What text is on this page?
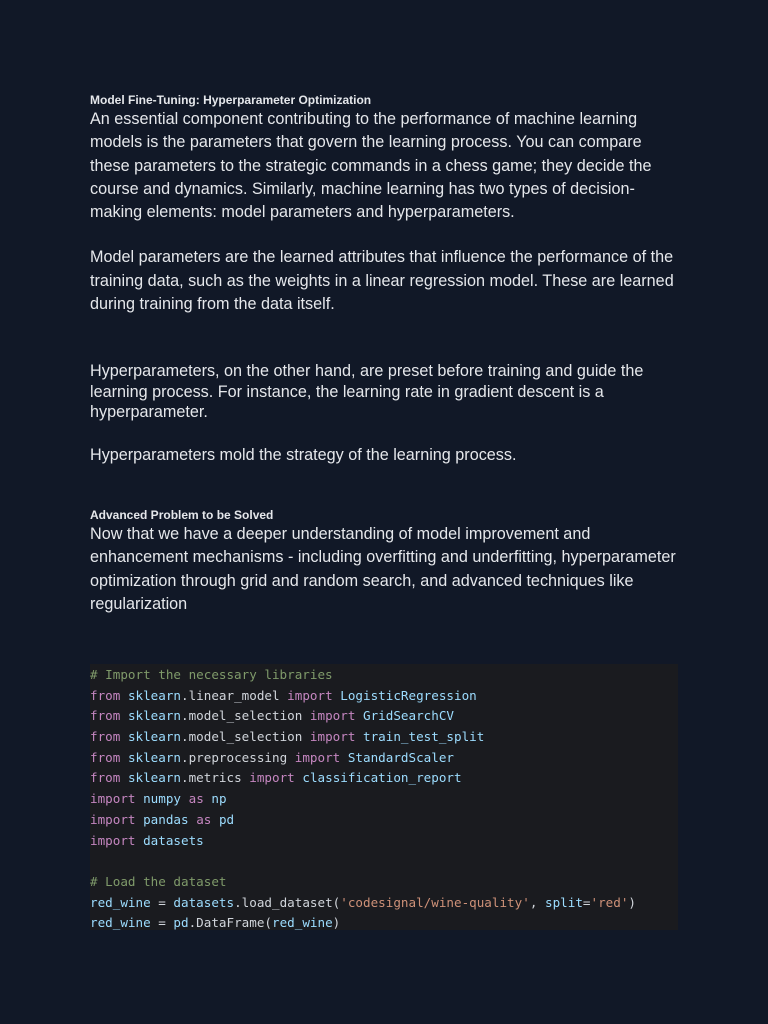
Model Fine-Tuning: Hyperparameter Optimization

An essential component contributing to the performance of machine learning models is the parameters that govern the learning process. You can compare these parameters to the strategic commands in a chess game; they decide the course and dynamics. Similarly, machine learning has two types of decision-making elements: model parameters and hyperparameters.

Model parameters are the learned attributes that influence the performance of the training data, such as the weights in a linear regression model. These are learned during training from the data itself.

Hyperparameters, on the other hand, are preset before training and guide the learning process. For instance, the learning rate in gradient descent is a hyperparameter.

Hyperparameters mold the strategy of the learning process.

Advanced Problem to be Solved

Now that we have a deeper understanding of model improvement and enhancement mechanisms - including overfitting and underfitting, hyperparameter optimization through grid and random search, and advanced techniques like regularization

# Import the necessary libraries
from sklearn.linear_model import LogisticRegression
from sklearn.model_selection import GridSearchCV
from sklearn.model_selection import train_test_split
from sklearn.preprocessing import StandardScaler
from sklearn.metrics import classification_report
import numpy as np
import pandas as pd
import datasets

# Load the dataset
red_wine = datasets.load_dataset('codesignal/wine-quality', split='red')
red_wine = pd.DataFrame(red_wine)
